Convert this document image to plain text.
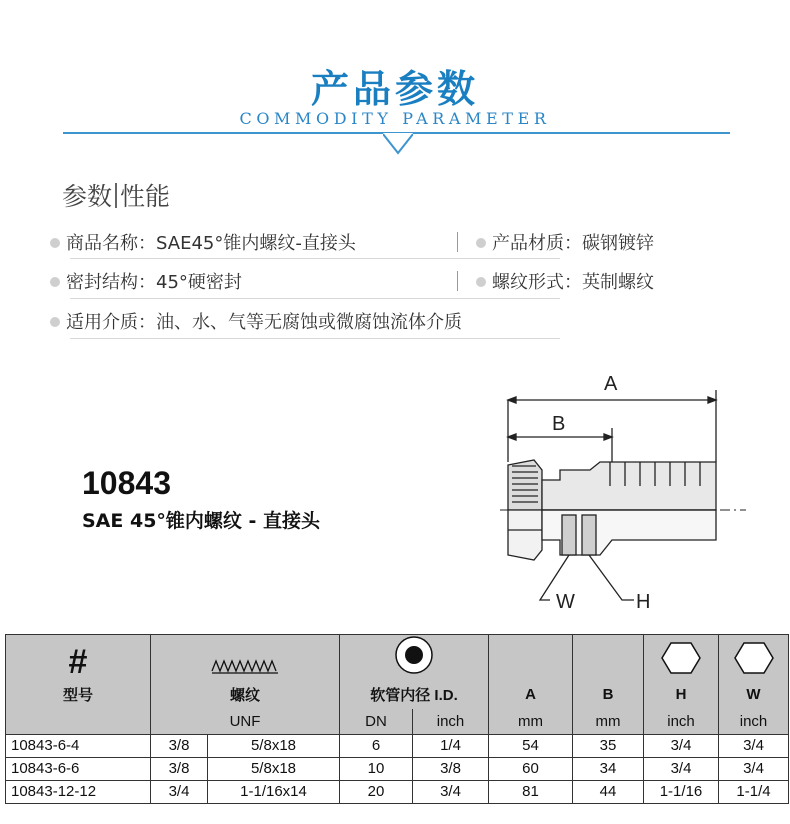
产品参数
COMMODITY PARAMETER
参数 性能
商品名称：SAE45°锥内螺纹-直接头	产品材质：碳钢镀锌
密封结构：45°硬密封	螺纹形式：英制螺纹
适用介质：油、水、气等无腐蚀或微腐蚀流体介质
10843
SAE 45°锥内螺纹 - 直接头
A
B
W	H
#						
型号	螺纹		软管内径 I.D.		A	B	H	W
	UNF		DN	inch	mm	mm	inch	inch
10843-6-4	3/8	5/8x18	6	1/4	54	35	3/4	3/4
10843-6-6	3/8	5/8x18	10	3/8	60	34	3/4	3/4
10843-12-12	3/4	1-1/16x14	20	3/4	81	44	1-1/16	1-1/4
